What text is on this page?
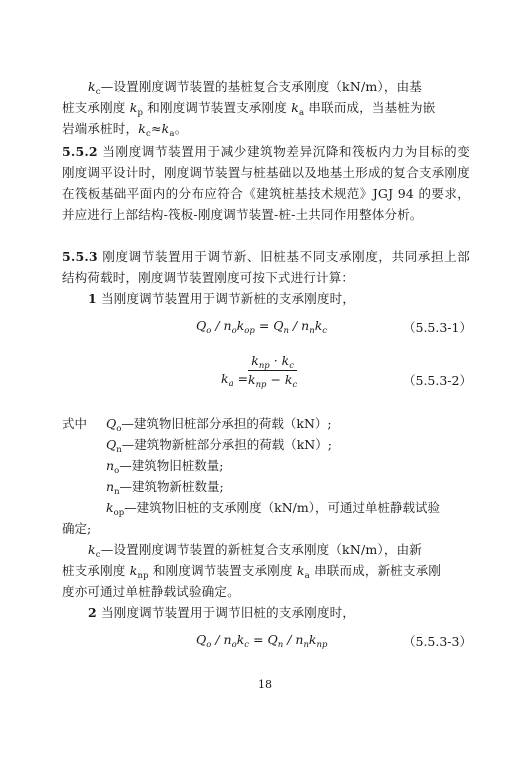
$k_c—$设置刚度调节装置的基桩复合支承刚度（kN/m），由基
桩支承刚度 $k_p$ 和刚度调节装置支承刚度 $k_a$ 串联而成，当基桩为嵌
岩端承桩时，$k_c\approx k_a$。

5.5.2 当刚度调节装置用于减少建筑物差异沉降和筏板内力为目标的变刚度调平设计时，刚度调节装置与桩基础以及地基土形成的复合支承刚度在筏板基础平面内的分布应符合《建筑桩基技术规范》JGJ 94 的要求，并应进行上部结构-筏板-刚度调节装置-桩-土共同作用整体分析。

5.5.3 刚度调节装置用于调节新、旧桩基不同支承刚度，共同承担上部结构荷载时，刚度调节装置刚度可按下式进行计算：

1 当刚度调节装置用于调节新桩的支承刚度时，

$Q_o / n_ok_{op} = Q_n / n_nk_c$	（5.5.3-1）
$k_a$ =
$k_{np} \cdot k_c$
$k_{np} - k_c$	（5.5.3-2）
式中 $Q_o—$建筑物旧桩部分承担的荷载（kN）;
$Q_n—$建筑物新桩部分承担的荷载（kN）;
$n_o—$建筑物旧桩数量;
$n_n—$建筑物新桩数量;
$k_{op}—$建筑物旧桩的支承刚度（kN/m），可通过单桩静载试验
确定;

$k_c—$设置刚度调节装置的新桩复合支承刚度（kN/m），由新
桩支承刚度 $k_{np}$ 和刚度调节装置支承刚度 $k_a$ 串联而成，新桩支承刚
度亦可通过单桩静载试验确定。

2 当刚度调节装置用于调节旧桩的支承刚度时，

$Q_o / n_ok_c = Q_n / n_nk_{np}$	（5.5.3-3）
18
